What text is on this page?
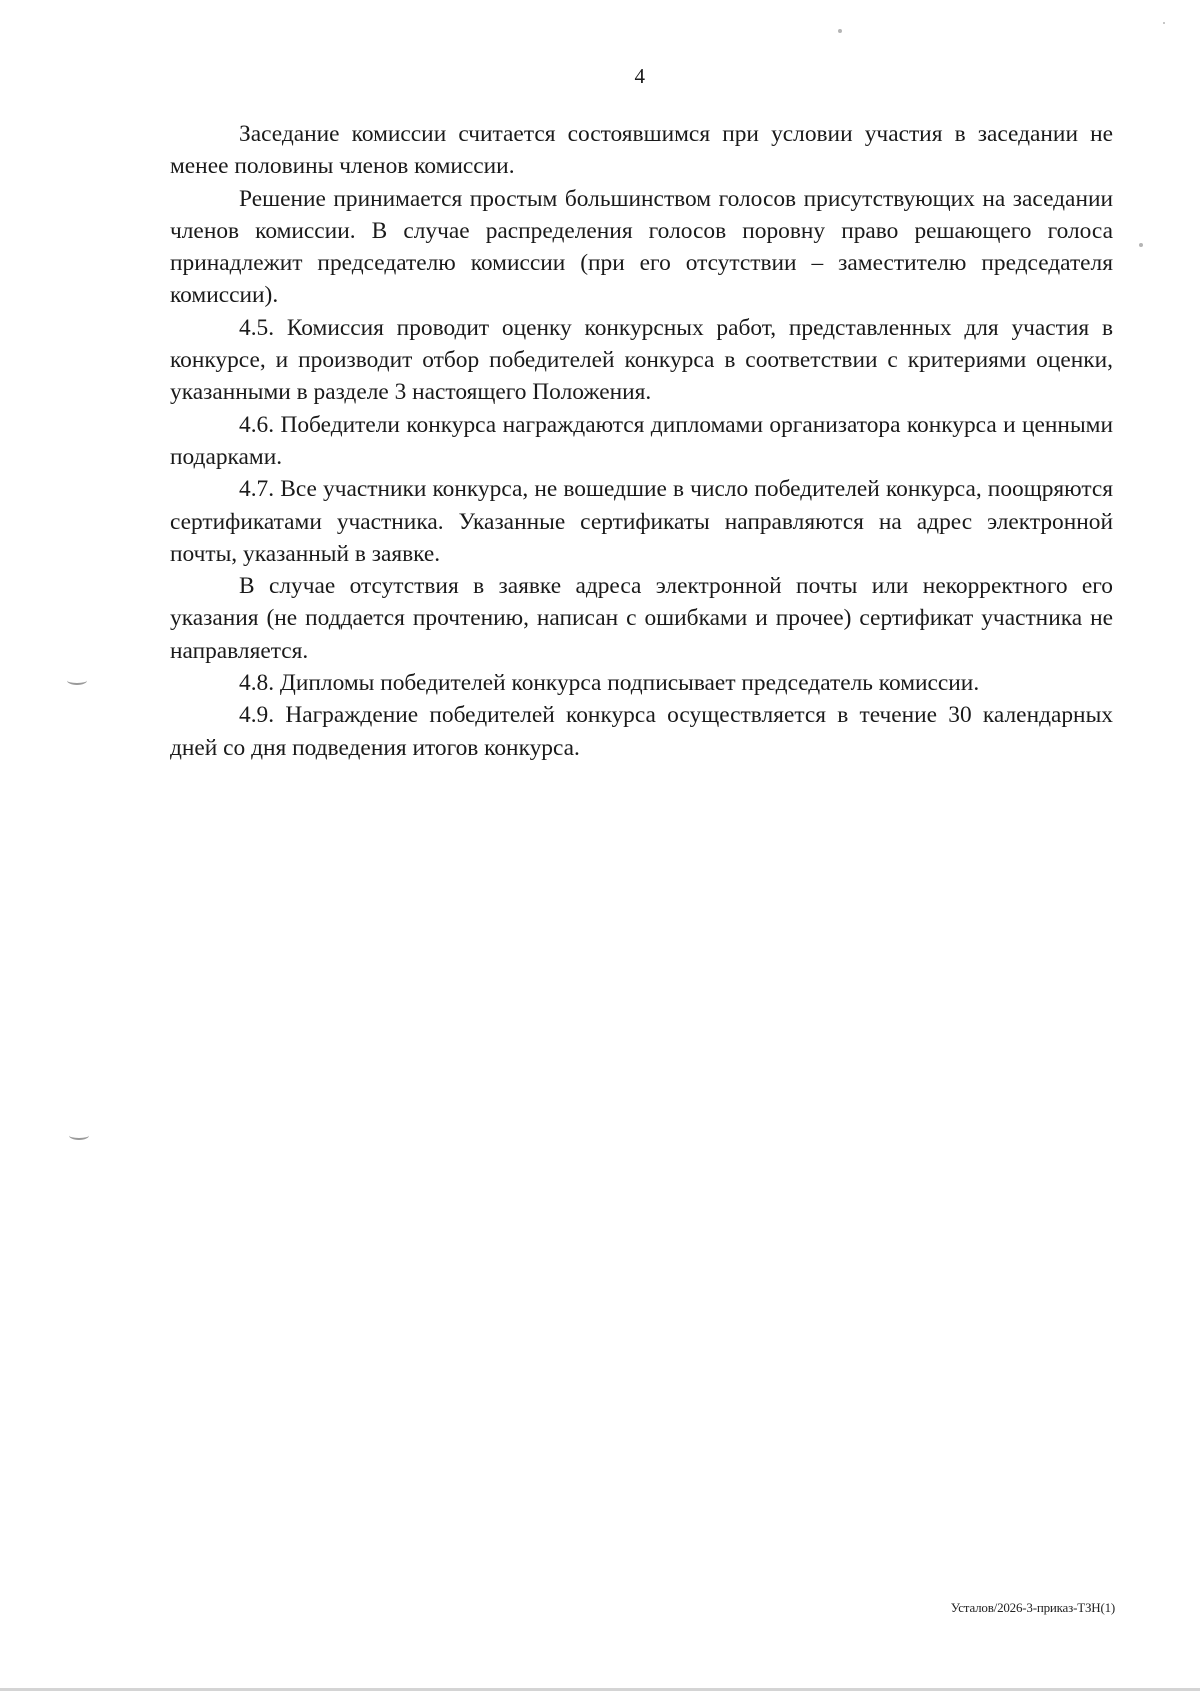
4

Заседание комиссии считается состоявшимся при условии участия в заседании не менее половины членов комиссии.

Решение принимается простым большинством голосов присутствующих на заседании членов комиссии. В случае распределения голосов поровну право решающего голоса принадлежит председателю комиссии (при его отсутствии – заместителю председателя комиссии).

4.5. Комиссия проводит оценку конкурсных работ, представленных для участия в конкурсе, и производит отбор победителей конкурса в соответствии с критериями оценки, указанными в разделе 3 настоящего Положения.

4.6. Победители конкурса награждаются дипломами организатора конкурса и ценными подарками.

4.7. Все участники конкурса, не вошедшие в число победителей конкурса, поощряются сертификатами участника. Указанные сертификаты направляются на адрес электронной почты, указанный в заявке.

В случае отсутствия в заявке адреса электронной почты или некорректного его указания (не поддается прочтению, написан с ошибками и прочее) сертификат участника не направляется.

4.8. Дипломы победителей конкурса подписывает председатель комиссии.

4.9. Награждение победителей конкурса осуществляется в течение 30 календарных дней со дня подведения итогов конкурса.

Усталов/2026-3-приказ-ТЗН(1)
